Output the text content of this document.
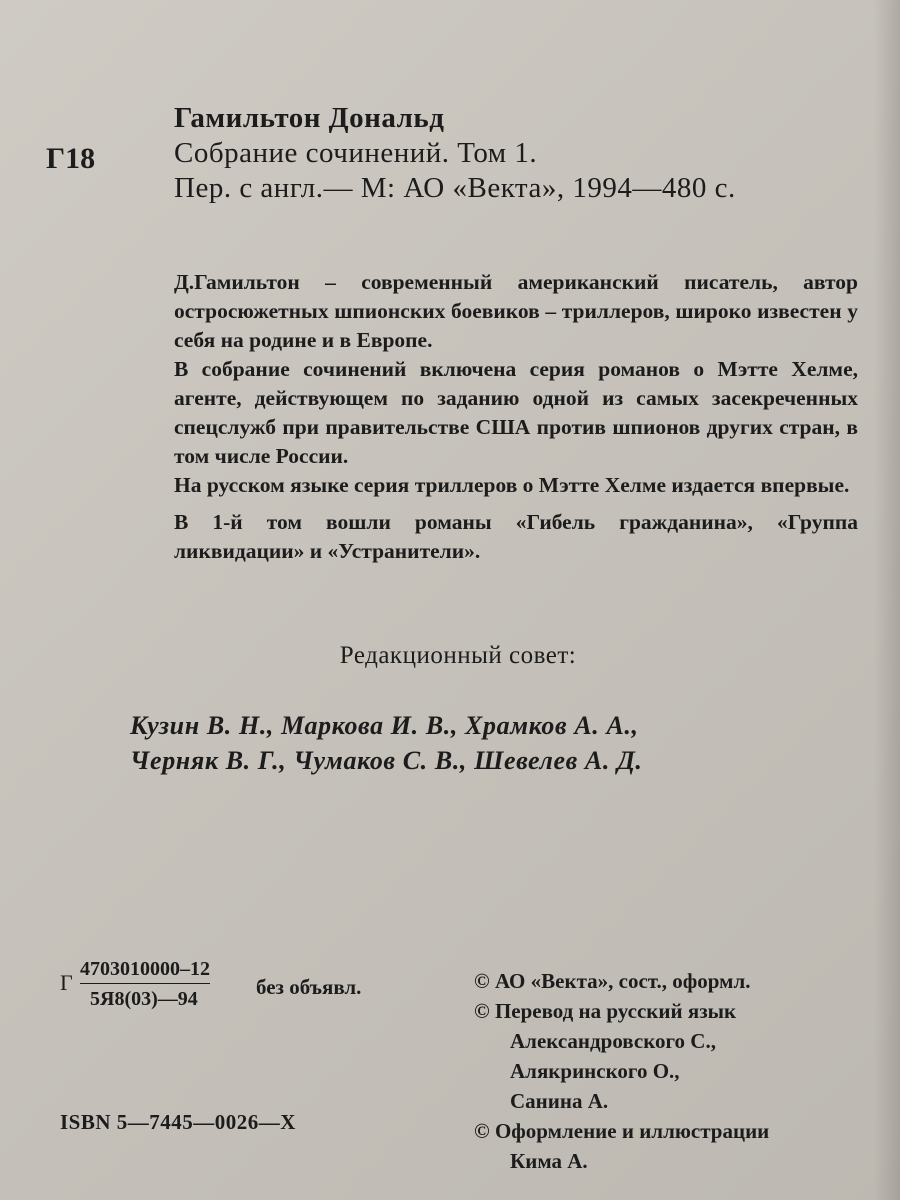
Г18
Гамильтон Дональд
Собрание сочинений. Том 1.
Пер. с англ.— М: АО «Векта», 1994—480 с.

Д.Гамильтон – современный американский писатель, автор остросюжетных шпионских боевиков – триллеров, широко известен у себя на родине и в Европе.

В собрание сочинений включена серия романов о Мэтте Хелме, агенте, действующем по заданию одной из самых засекреченных спецслужб при правительстве США против шпионов других стран, в том числе России.

На русском языке серия триллеров о Мэтте Хелме издается впервые.

В 1-й том вошли романы «Гибель гражданина», «Группа ликвидации» и «Устранители».

Редакционный совет:
Кузин В. Н., Маркова И. В., Храмков А. А.,
Черняк В. Г., Чумаков С. В., Шевелев А. Д.
Г
4703010000–12
5Я8(03)—94	без объявл.	© АО «Векта», сост., оформл.
© Перевод на русский язык
Александровского С.,
Алякринского О.,
Санина А.
© Оформление и иллюстрации
Кима А.
ISBN 5—7445—0026—X
